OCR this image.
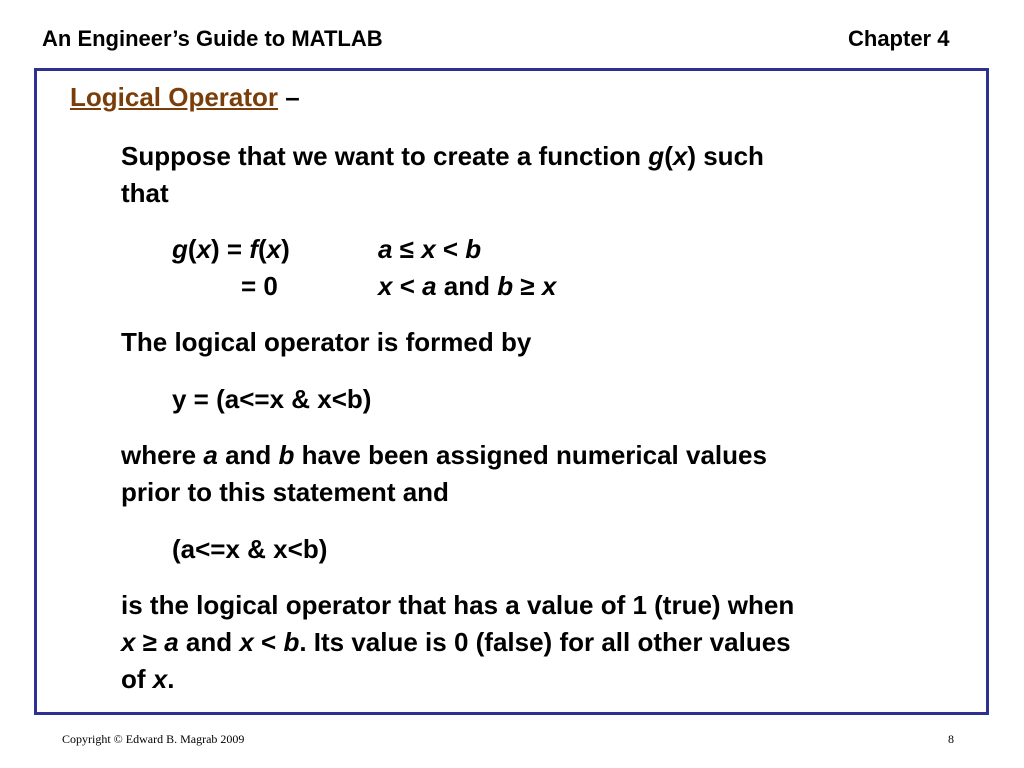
An Engineer’s Guide to MATLAB	Chapter 4
Logical Operator –
Suppose that we want to create a function g(x) such
that
g(x) = f(x)	a ≤ x < b
= 0	x < a and b ≥ x
The logical operator is formed by
y = (a<=x & x<b)
where a and b have been assigned numerical values
prior to this statement and
(a<=x & x<b)
is the logical operator that has a value of 1 (true) when
x ≥ a and x < b. Its value is 0 (false) for all other values
of x.
Copyright © Edward B. Magrab 2009	8
